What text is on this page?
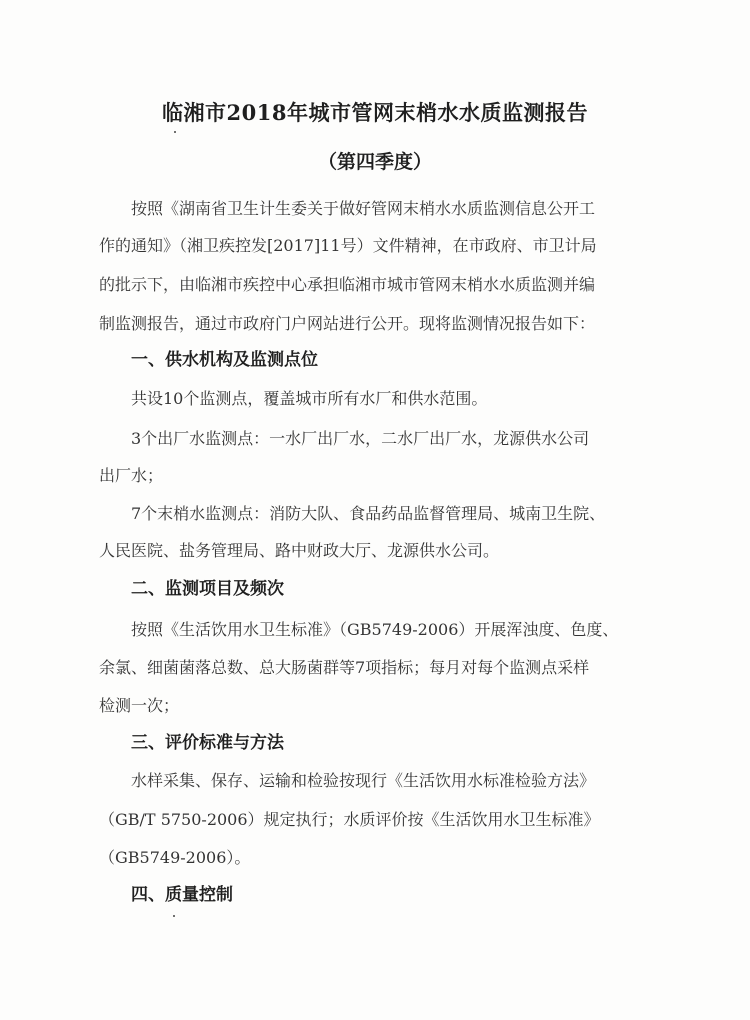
临湘市2018年城市管网末梢水水质监测报告
（第四季度）
按照《湖南省卫生计生委关于做好管网末梢水水质监测信息公开工
作的通知》（湘卫疾控发[2017]11号）文件精神，在市政府、市卫计局
的批示下，由临湘市疾控中心承担临湘市城市管网末梢水水质监测并编
制监测报告，通过市政府门户网站进行公开。现将监测情况报告如下：
一、供水机构及监测点位
共设10个监测点，覆盖城市所有水厂和供水范围。
3个出厂水监测点：一水厂出厂水，二水厂出厂水，龙源供水公司
出厂水；
7个末梢水监测点：消防大队、食品药品监督管理局、城南卫生院、
人民医院、盐务管理局、路中财政大厅、龙源供水公司。
二、监测项目及频次
按照《生活饮用水卫生标准》（GB5749-2006）开展浑浊度、色度、
余氯、细菌菌落总数、总大肠菌群等7项指标；每月对每个监测点采样
检测一次；
三、评价标准与方法
水样采集、保存、运输和检验按现行《生活饮用水标准检验方法》
（GB/T 5750-2006）规定执行；水质评价按《生活饮用水卫生标准》
（GB5749-2006）。
四、质量控制
